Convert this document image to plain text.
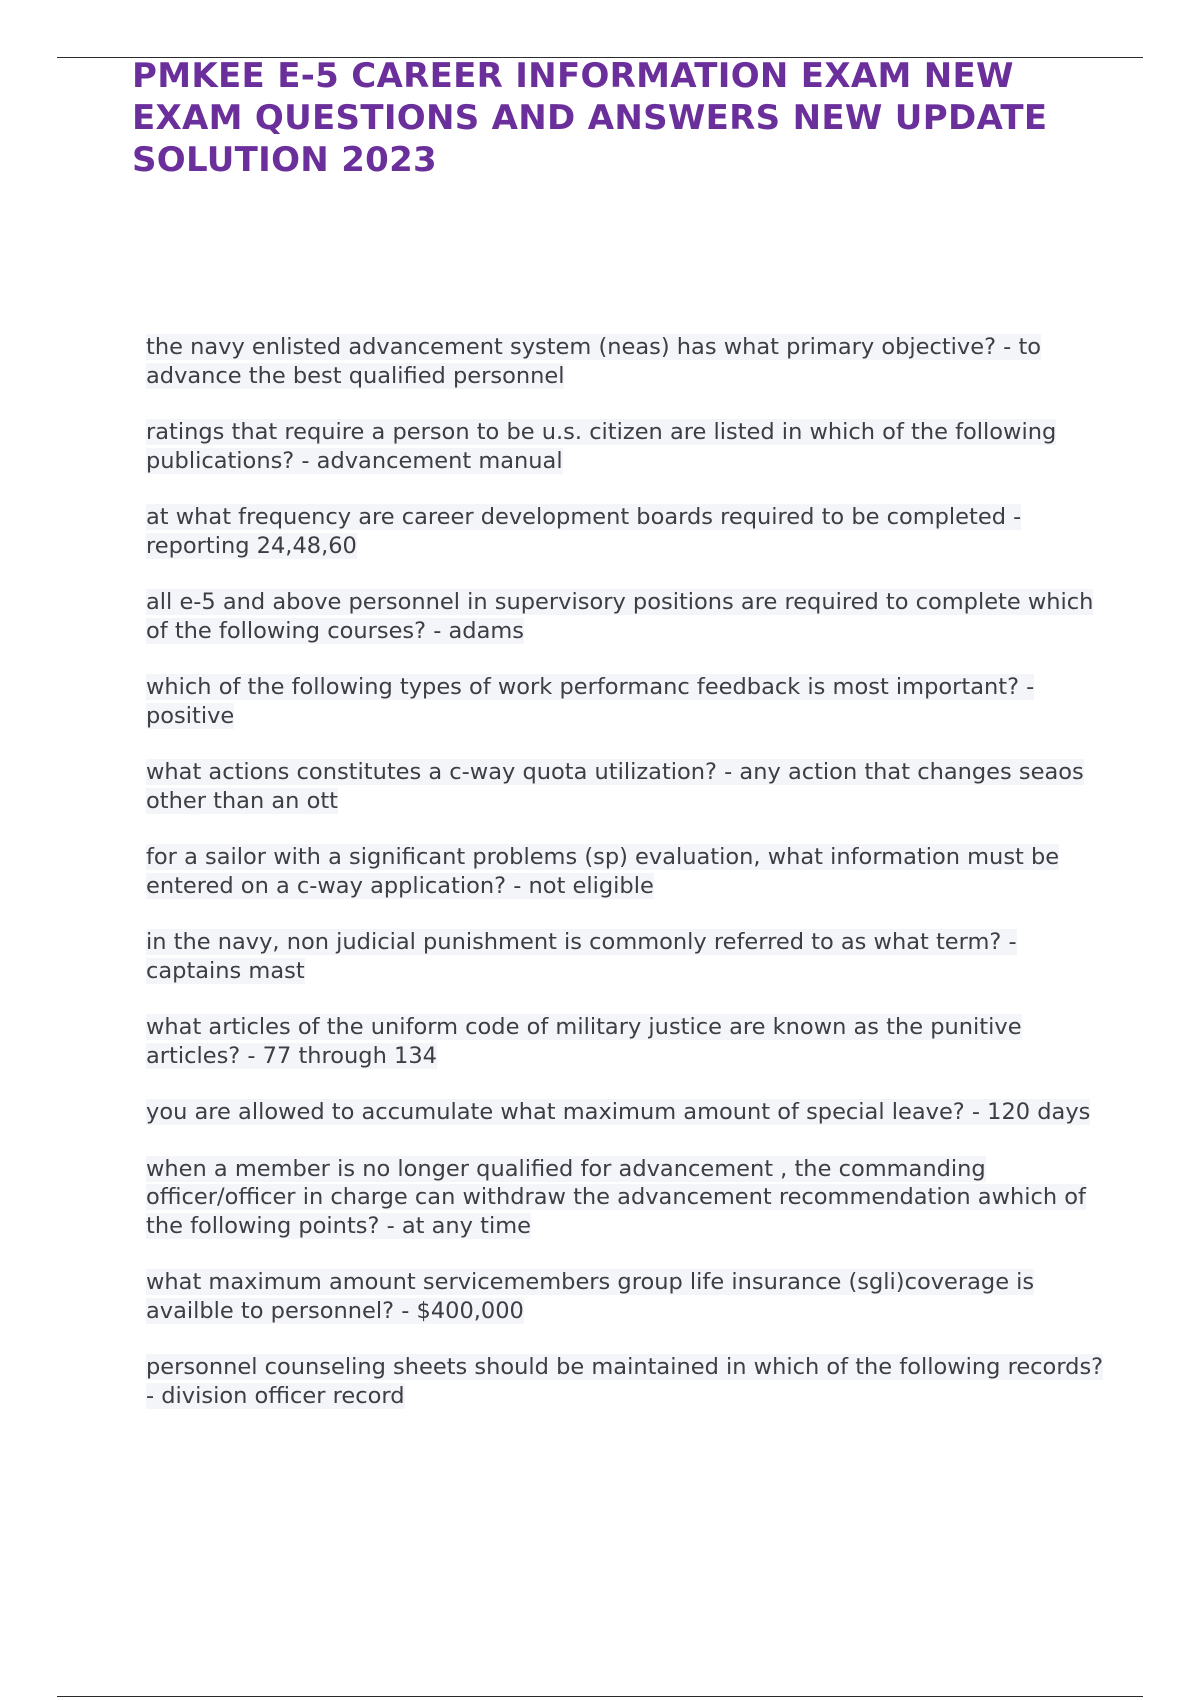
PMKEE E-5 CAREER INFORMATION EXAM NEW EXAM QUESTIONS AND ANSWERS NEW UPDATE SOLUTION 2023
the navy enlisted advancement system (neas) has what primary objective? - to advance the best qualified personnel
ratings that require a person to be u.s. citizen are listed in which of the following publications? - advancement manual
at what frequency are career development boards required to be completed - reporting 24,48,60
all e-5 and above personnel in supervisory positions are required to complete which of the following courses? - adams
which of the following types of work performanc feedback is most important? - positive
what actions constitutes a c-way quota utilization? - any action that changes seaos other than an ott
for a sailor with a significant problems (sp) evaluation, what information must be entered on a c-way application? - not eligible
in the navy, non judicial punishment is commonly referred to as what term? - captains mast
what articles of the uniform code of military justice are known as the punitive articles? - 77 through 134
you are allowed to accumulate what maximum amount of special leave? - 120 days
when a member is no longer qualified for advancement , the commanding officer/officer in charge can withdraw the advancement recommendation awhich of the following points? - at any time
what maximum amount servicemembers group life insurance (sgli)coverage is availble to personnel? - $400,000
personnel counseling sheets should be maintained in which of the following records? - division officer record
